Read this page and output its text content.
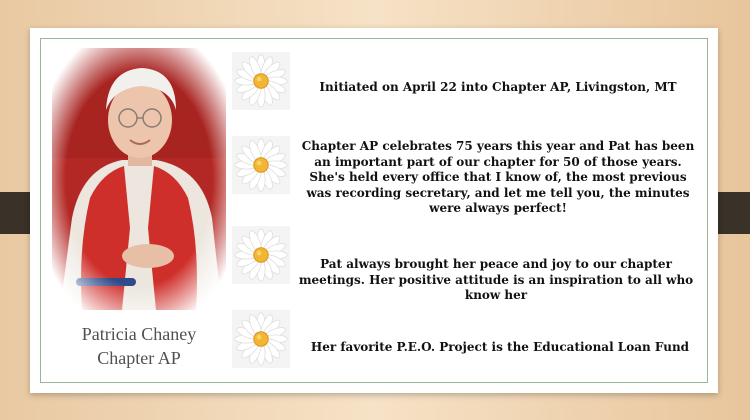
Patricia Chaney
Chapter AP
Initiated on April 22 into Chapter AP, Livingston, MT
Chapter AP celebrates 75 years this year and Pat has been an important part of our chapter for 50 of those years. She's held every office that I know of, the most previous was recording secretary, and let me tell you, the minutes were always perfect!
Pat always brought her peace and joy to our chapter meetings. Her positive attitude is an inspiration to all who know her
Her favorite P.E.O. Project is the Educational Loan Fund
